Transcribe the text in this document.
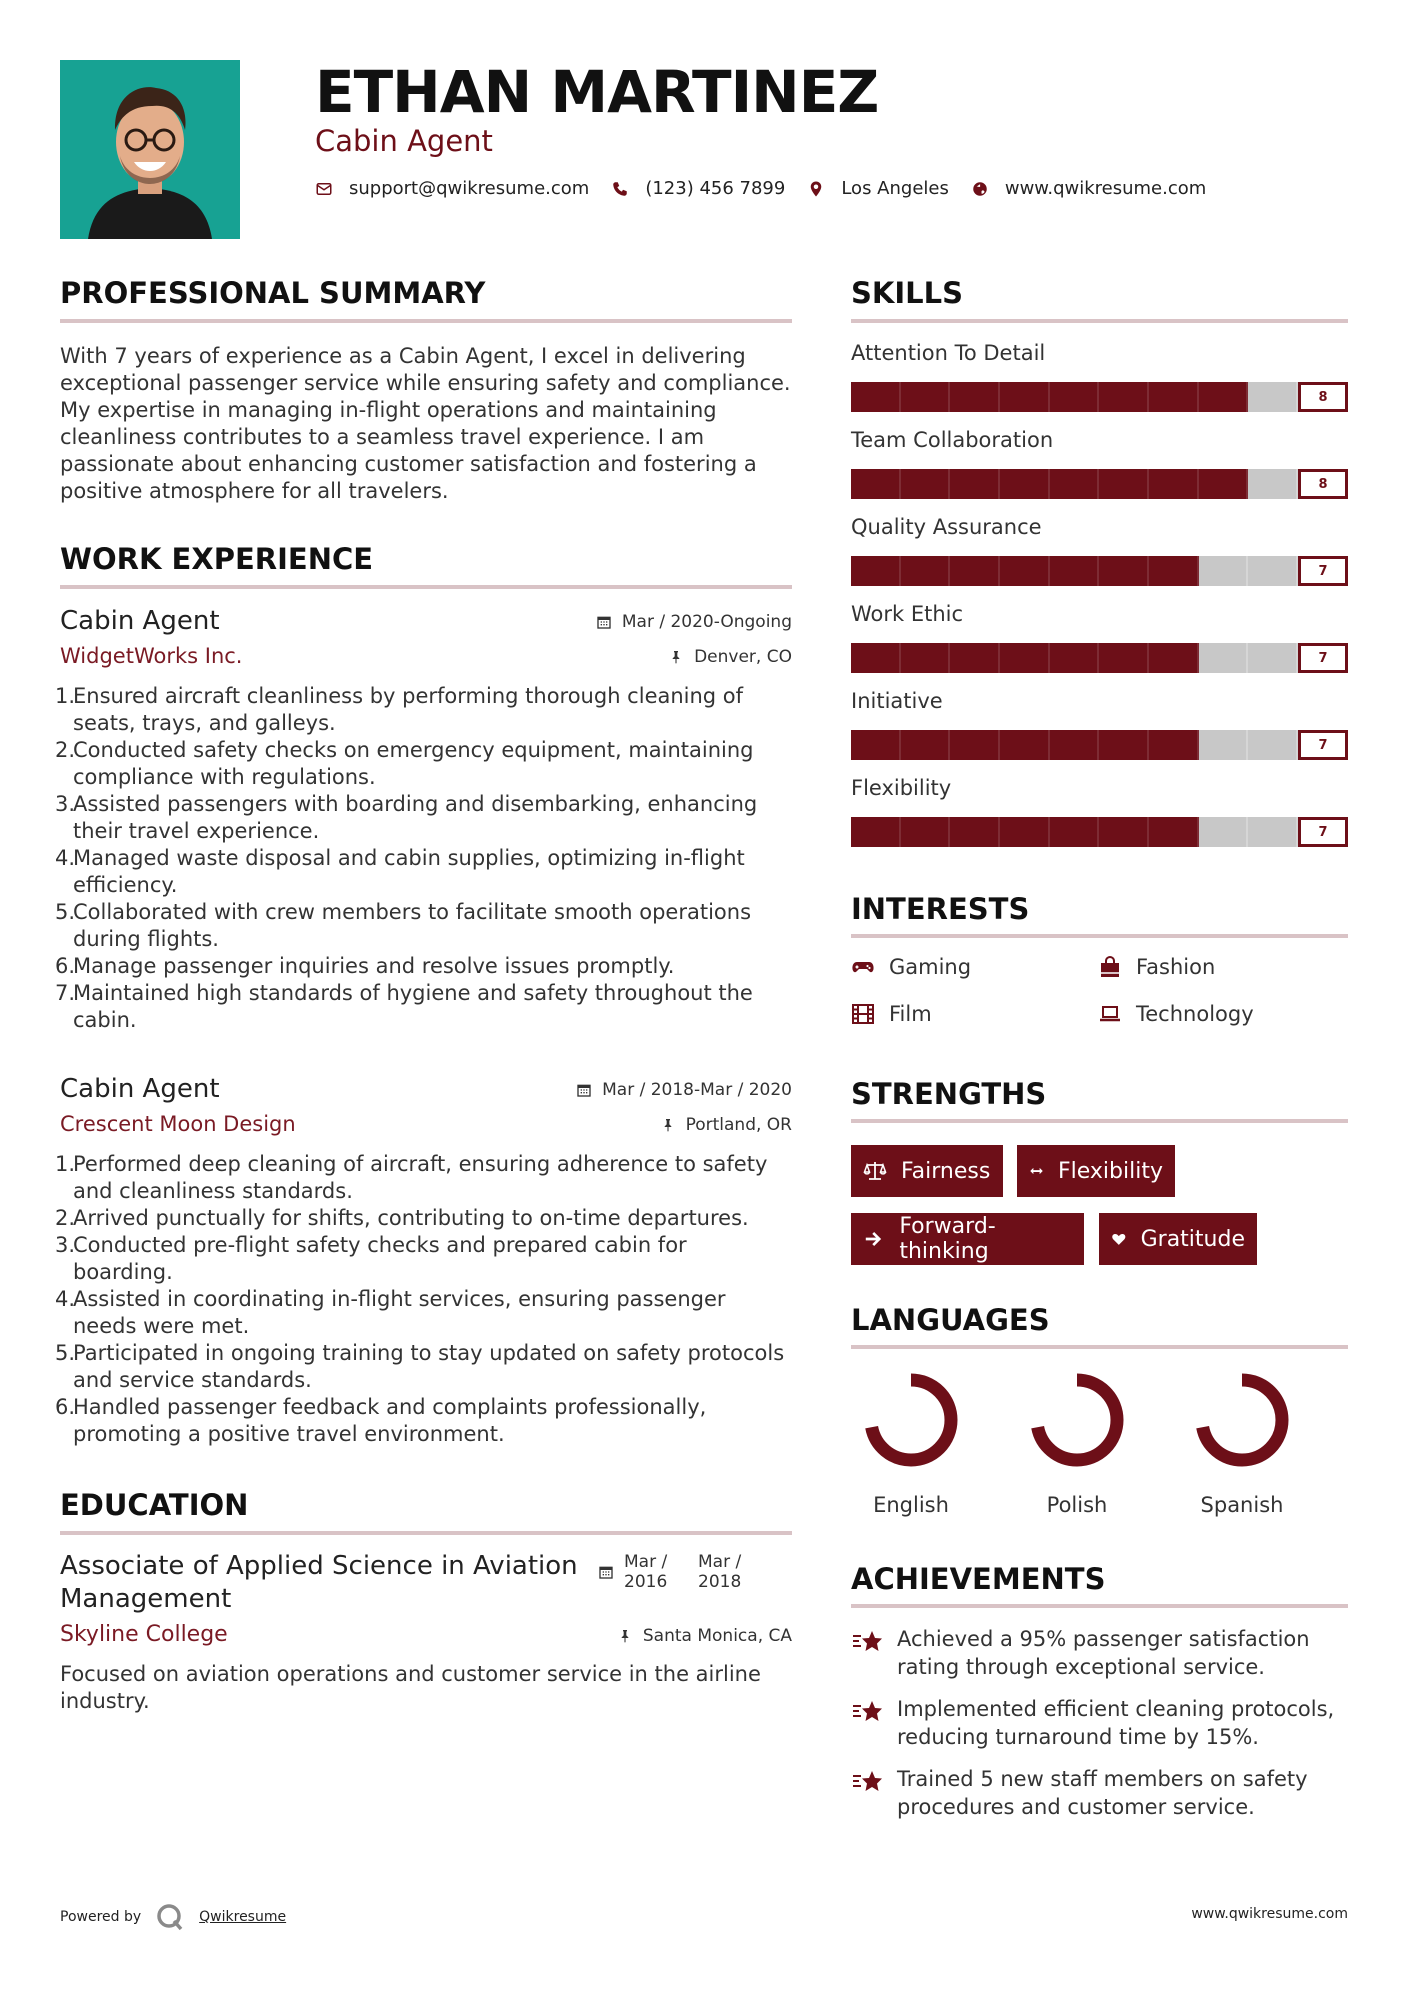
ETHAN MARTINEZ
Cabin Agent
support@qwikresume.com	(123) 456 7899	Los Angeles	www.qwikresume.com
PROFESSIONAL SUMMARY
With 7 years of experience as a Cabin Agent, I excel in delivering exceptional passenger service while ensuring safety and compliance. My expertise in managing in-flight operations and maintaining cleanliness contributes to a seamless travel experience. I am passionate about enhancing customer satisfaction and fostering a positive atmosphere for all travelers.
WORK EXPERIENCE
Cabin Agent
WidgetWorks Inc.
Mar / 2020-Ongoing
Denver, CO
1.
Ensured aircraft cleanliness by performing thorough cleaning of seats, trays, and galleys.
2.
Conducted safety checks on emergency equipment, maintaining compliance with regulations.
3.
Assisted passengers with boarding and disembarking, enhancing their travel experience.
4.
Managed waste disposal and cabin supplies, optimizing in-flight efficiency.
5.
Collaborated with crew members to facilitate smooth operations during flights.
6.
Manage passenger inquiries and resolve issues promptly.
7.
Maintained high standards of hygiene and safety throughout the cabin.
Cabin Agent
Crescent Moon Design
Mar / 2018-Mar / 2020
Portland, OR
1.
Performed deep cleaning of aircraft, ensuring adherence to safety and cleanliness standards.
2.
Arrived punctually for shifts, contributing to on-time departures.
3.
Conducted pre-flight safety checks and prepared cabin for boarding.
4.
Assisted in coordinating in-flight services, ensuring passenger needs were met.
5.
Participated in ongoing training to stay updated on safety protocols and service standards.
6.
Handled passenger feedback and complaints professionally, promoting a positive travel environment.
EDUCATION
Associate of Applied Science in Aviation Management
Skyline College
Focused on aviation operations and customer service in the airline industry.
Mar / 2016
Mar / 2018
Santa Monica, CA
SKILLS
Attention To Detail
8
Team Collaboration
8
Quality Assurance
7
Work Ethic
7
Initiative
7
Flexibility
7
INTERESTS
Gaming	Fashion
Film	Technology
STRENGTHS
Fairness	Flexibility
Forward-thinking	Gratitude
LANGUAGES
English	Polish	Spanish
ACHIEVEMENTS
Achieved a 95% passenger satisfaction rating through exceptional service.
Implemented efficient cleaning protocols, reducing turnaround time by 15%.
Trained 5 new staff members on safety procedures and customer service.
Powered by	Qwikresume	www.qwikresume.com
